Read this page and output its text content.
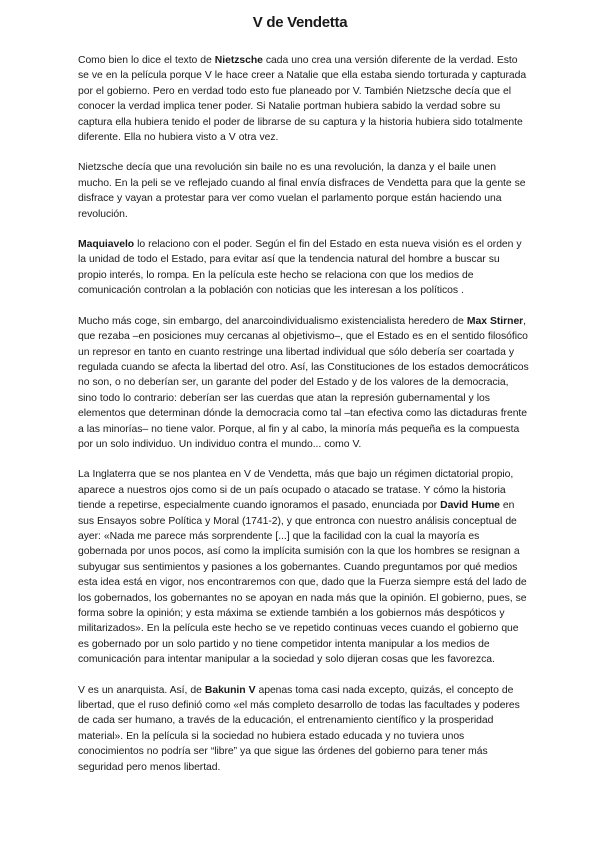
V de Vendetta

Como bien lo dice el texto de Nietzsche cada uno crea una versión diferente de la verdad. Esto se ve en la película porque V le hace creer a Natalie que ella estaba siendo torturada y capturada por el gobierno. Pero en verdad todo esto fue planeado por V. También Nietzsche decía que el conocer la verdad implica tener poder. Si Natalie portman hubiera sabido la verdad sobre su captura ella hubiera tenido el poder de librarse de su captura y la historia hubiera sido totalmente diferente. Ella no hubiera visto a V otra vez.

Nietzsche decía que una revolución sin baile no es una revolución, la danza y el baile unen mucho. En la peli se ve reflejado cuando al final envía disfraces de Vendetta para que la gente se disfrace y vayan a protestar para ver como vuelan el parlamento porque están haciendo una revolución.

Maquiavelo lo relaciono con el poder. Según el fin del Estado en esta nueva visión es el orden y la unidad de todo el Estado, para evitar así que la tendencia natural del hombre a buscar su propio interés, lo rompa. En la película este hecho se relaciona con que los medios de comunicación controlan a la población con noticias que les interesan a los políticos .

Mucho más coge, sin embargo, del anarcoindividualismo existencialista heredero de Max Stirner, que rezaba –en posiciones muy cercanas al objetivismo–, que el Estado es en el sentido filosófico un represor en tanto en cuanto restringe una libertad individual que sólo debería ser coartada y regulada cuando se afecta la libertad del otro. Así, las Constituciones de los estados democráticos no son, o no deberían ser, un garante del poder del Estado y de los valores de la democracia, sino todo lo contrario: deberían ser las cuerdas que atan la represión gubernamental y los elementos que determinan dónde la democracia como tal –tan efectiva como las dictaduras frente a las minorías– no tiene valor. Porque, al fin y al cabo, la minoría más pequeña es la compuesta por un solo individuo. Un individuo contra el mundo... como V.

La Inglaterra que se nos plantea en V de Vendetta, más que bajo un régimen dictatorial propio, aparece a nuestros ojos como si de un país ocupado o atacado se tratase. Y cómo la historia tiende a repetirse, especialmente cuando ignoramos el pasado, enunciada por David Hume en sus Ensayos sobre Política y Moral (1741-2), y que entronca con nuestro análisis conceptual de ayer: «Nada me parece más sorprendente [...] que la facilidad con la cual la mayoría es gobernada por unos pocos, así como la implícita sumisión con la que los hombres se resignan a subyugar sus sentimientos y pasiones a los gobernantes. Cuando preguntamos por qué medios esta idea está en vigor, nos encontraremos con que, dado que la Fuerza siempre está del lado de los gobernados, los gobernantes no se apoyan en nada más que la opinión. El gobierno, pues, se forma sobre la opinión; y esta máxima se extiende también a los gobiernos más despóticos y militarizados». En la película este hecho se ve repetido continuas veces cuando el gobierno que es gobernado por un solo partido y no tiene competidor intenta manipular a los medios de comunicación para intentar manipular a la sociedad y solo dijeran cosas que les favorezca.

V es un anarquista. Así, de Bakunin V apenas toma casi nada excepto, quizás, el concepto de libertad, que el ruso definió como «el más completo desarrollo de todas las facultades y poderes de cada ser humano, a través de la educación, el entrenamiento científico y la prosperidad material». En la película si la sociedad no hubiera estado educada y no tuviera unos conocimientos no podría ser “libre” ya que sigue las órdenes del gobierno para tener más seguridad pero menos libertad.
